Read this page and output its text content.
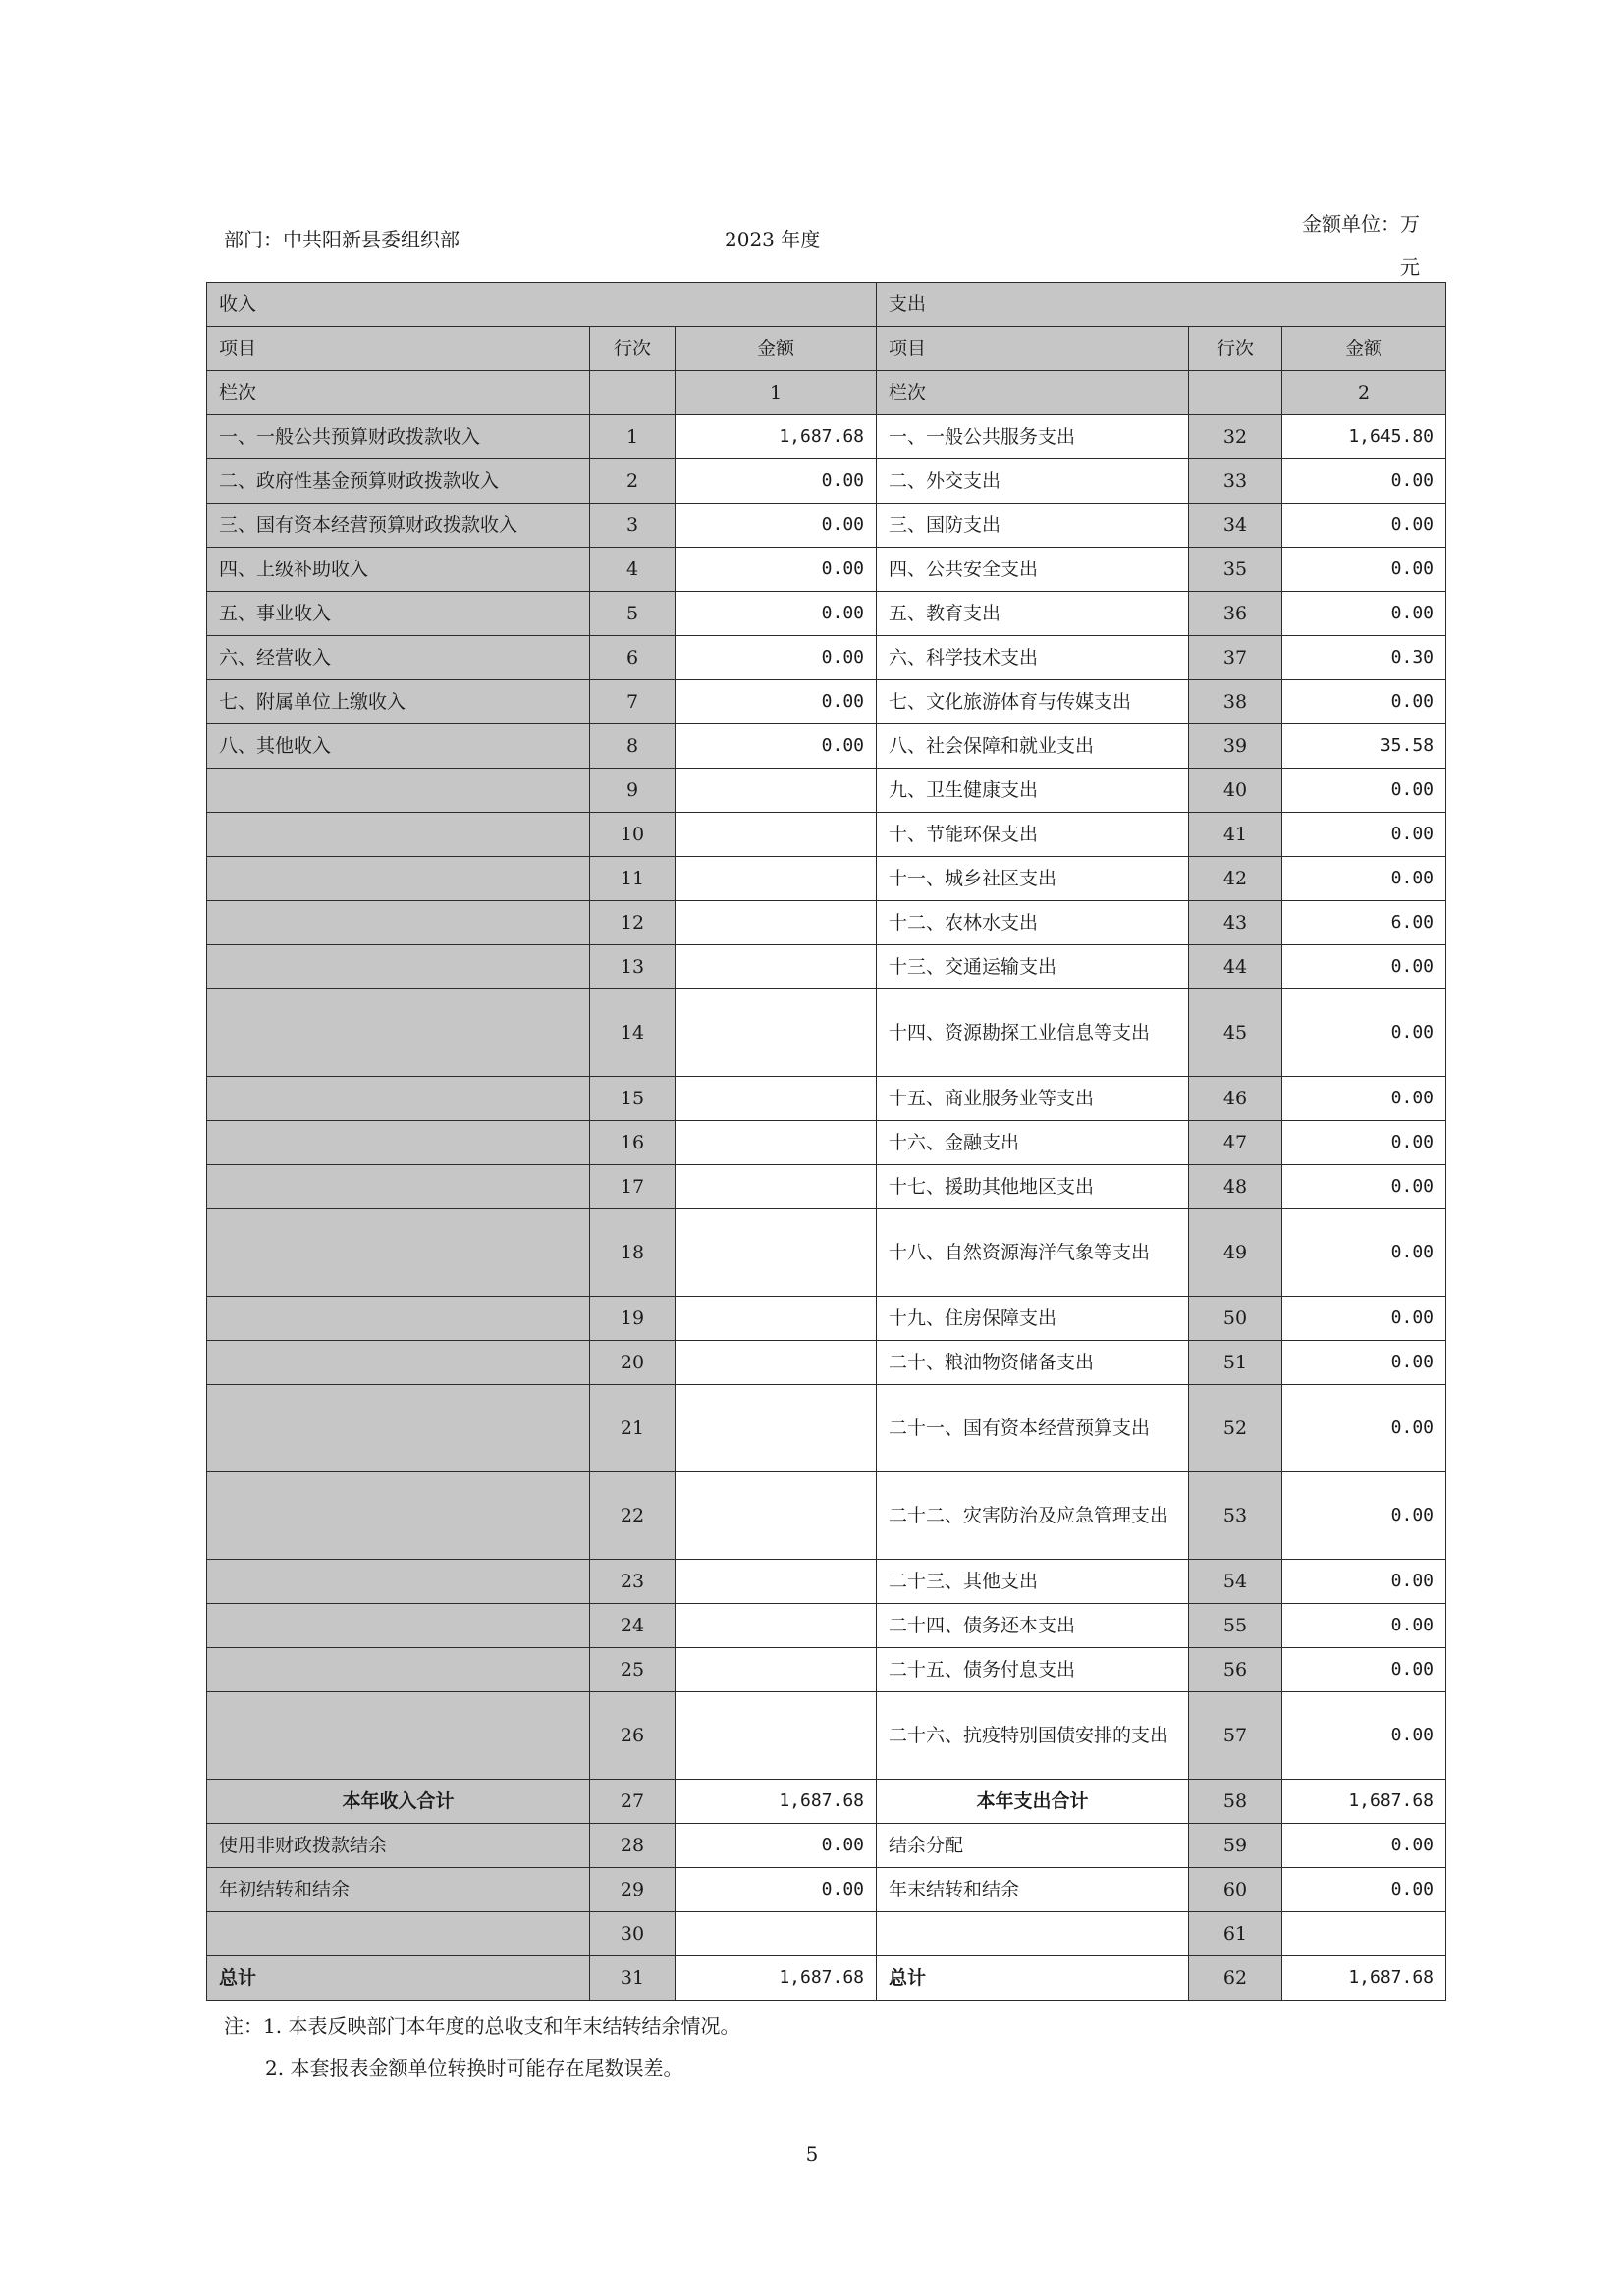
部门：中共阳新县委组织部	2023 年度
金额单位：万元
收入			支出		
项目	行次	金额	项目	行次	金额
栏次		1	栏次		2
一、一般公共预算财政拨款收入	1	1,687.68	一、一般公共服务支出	32	1,645.80
二、政府性基金预算财政拨款收入	2	0.00	二、外交支出	33	0.00
三、国有资本经营预算财政拨款收入	3	0.00	三、国防支出	34	0.00
四、上级补助收入	4	0.00	四、公共安全支出	35	0.00
五、事业收入	5	0.00	五、教育支出	36	0.00
六、经营收入	6	0.00	六、科学技术支出	37	0.30
七、附属单位上缴收入	7	0.00	七、文化旅游体育与传媒支出	38	0.00
八、其他收入	8	0.00	八、社会保障和就业支出	39	35.58
	9		九、卫生健康支出	40	0.00
	10		十、节能环保支出	41	0.00
	11		十一、城乡社区支出	42	0.00
	12		十二、农林水支出	43	6.00
	13		十三、交通运输支出	44	0.00
	14		十四、资源勘探工业信息等支出	45	0.00
	15		十五、商业服务业等支出	46	0.00
	16		十六、金融支出	47	0.00
	17		十七、援助其他地区支出	48	0.00
	18		十八、自然资源海洋气象等支出	49	0.00
	19		十九、住房保障支出	50	0.00
	20		二十、粮油物资储备支出	51	0.00
	21		二十一、国有资本经营预算支出	52	0.00
	22		二十二、灾害防治及应急管理支出	53	0.00
	23		二十三、其他支出	54	0.00
	24		二十四、债务还本支出	55	0.00
	25		二十五、债务付息支出	56	0.00
	26		二十六、抗疫特别国债安排的支出	57	0.00
本年收入合计	27	1,687.68	本年支出合计	58	1,687.68
使用非财政拨款结余	28	0.00	结余分配	59	0.00
年初结转和结余	29	0.00	年末结转和结余	60	0.00
	30			61	
总计	31	1,687.68	总计	62	1,687.68
注：1. 本表反映部门本年度的总收支和年末结转结余情况。
2. 本套报表金额单位转换时可能存在尾数误差。
5
